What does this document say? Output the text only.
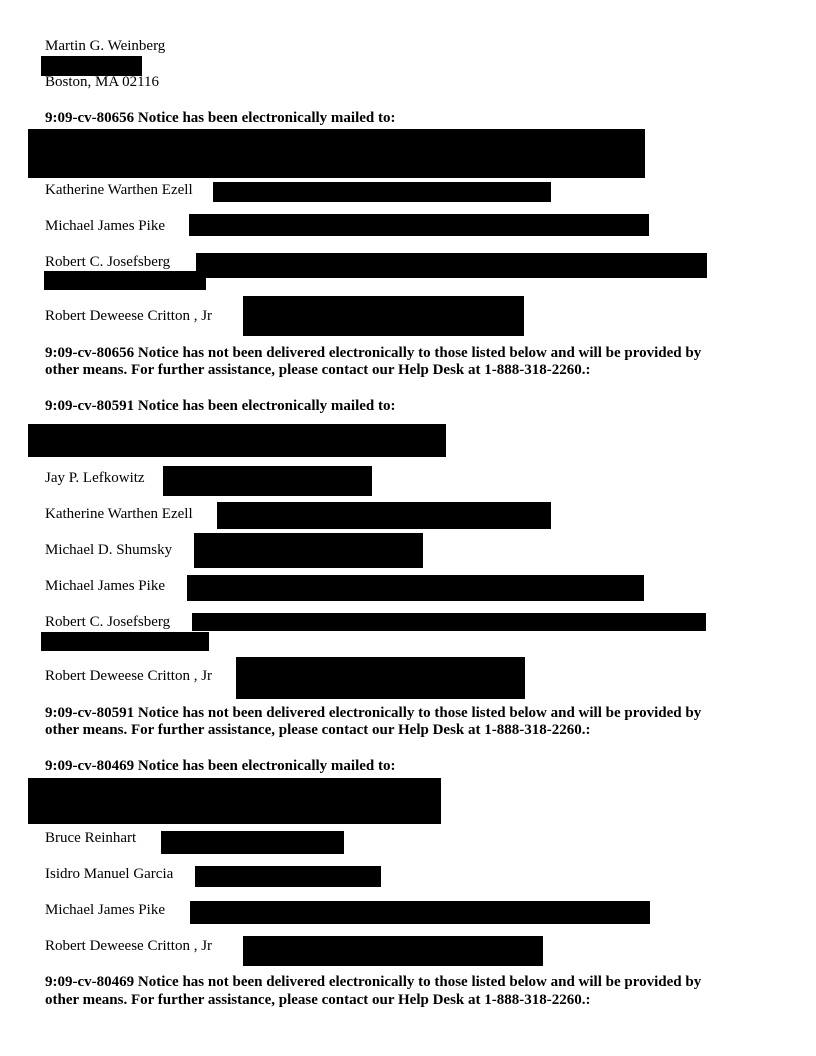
Martin G. Weinberg
Boston, MA 02116
9:09-cv-80656 Notice has been electronically mailed to:
Katherine Warthen Ezell
Michael James Pike
Robert C. Josefsberg
Robert Deweese Critton , Jr
9:09-cv-80656 Notice has not been delivered electronically to those listed below and will be provided by
other means. For further assistance, please contact our Help Desk at 1-888-318-2260.:
9:09-cv-80591 Notice has been electronically mailed to:
Jay P. Lefkowitz
Katherine Warthen Ezell
Michael D. Shumsky
Michael James Pike
Robert C. Josefsberg
Robert Deweese Critton , Jr
9:09-cv-80591 Notice has not been delivered electronically to those listed below and will be provided by
other means. For further assistance, please contact our Help Desk at 1-888-318-2260.:
9:09-cv-80469 Notice has been electronically mailed to:
Bruce Reinhart
Isidro Manuel Garcia
Michael James Pike
Robert Deweese Critton , Jr
9:09-cv-80469 Notice has not been delivered electronically to those listed below and will be provided by
other means. For further assistance, please contact our Help Desk at 1-888-318-2260.:
